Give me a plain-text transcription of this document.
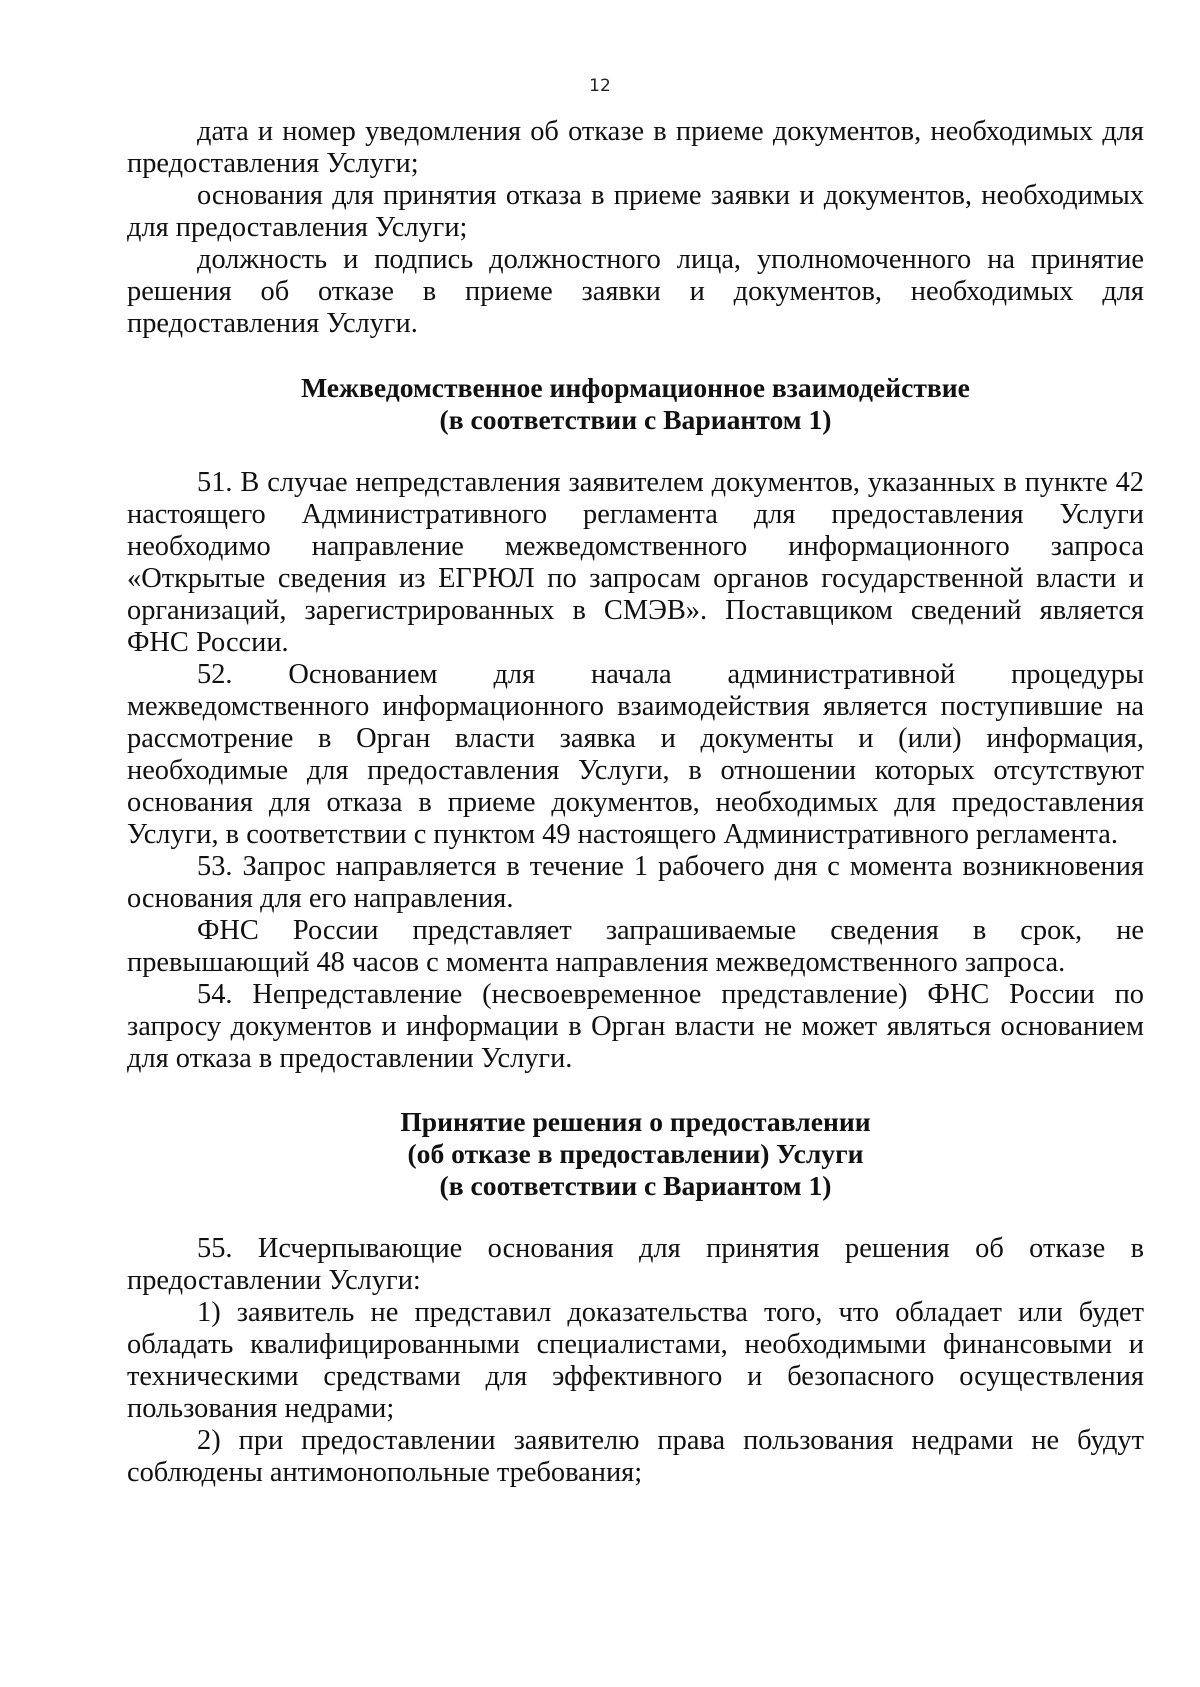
12

дата и номер уведомления об отказе в приеме документов, необходимых для предоставления Услуги;

основания для принятия отказа в приеме заявки и документов, необходимых для предоставления Услуги;

должность и подпись должностного лица, уполномоченного на принятие решения об отказе в приеме заявки и документов, необходимых для предоставления Услуги.

Межведомственное информационное взаимодействие
(в соответствии с Вариантом 1)

51. В случае непредставления заявителем документов, указанных в пункте 42 настоящего Административного регламента для предоставления Услуги необходимо направление межведомственного информационного запроса «Открытые сведения из ЕГРЮЛ по запросам органов государственной власти и организаций, зарегистрированных в СМЭВ». Поставщиком сведений является ФНС России.

52. Основанием для начала административной процедуры межведомственного информационного взаимодействия является поступившие на рассмотрение в Орган власти заявка и документы и (или) информация, необходимые для предоставления Услуги, в отношении которых отсутствуют основания для отказа в приеме документов, необходимых для предоставления Услуги, в соответствии с пунктом 49 настоящего Административного регламента.

53. Запрос направляется в течение 1 рабочего дня с момента возникновения основания для его направления.

ФНС России представляет запрашиваемые сведения в срок, не превышающий 48 часов с момента направления межведомственного запроса.

54. Непредставление (несвоевременное представление) ФНС России по запросу документов и информации в Орган власти не может являться основанием для отказа в предоставлении Услуги.

Принятие решения о предоставлении
(об отказе в предоставлении) Услуги
(в соответствии с Вариантом 1)

55. Исчерпывающие основания для принятия решения об отказе в предоставлении Услуги:

1) заявитель не представил доказательства того, что обладает или будет обладать квалифицированными специалистами, необходимыми финансовыми и техническими средствами для эффективного и безопасного осуществления пользования недрами;

2) при предоставлении заявителю права пользования недрами не будут соблюдены антимонопольные требования;
